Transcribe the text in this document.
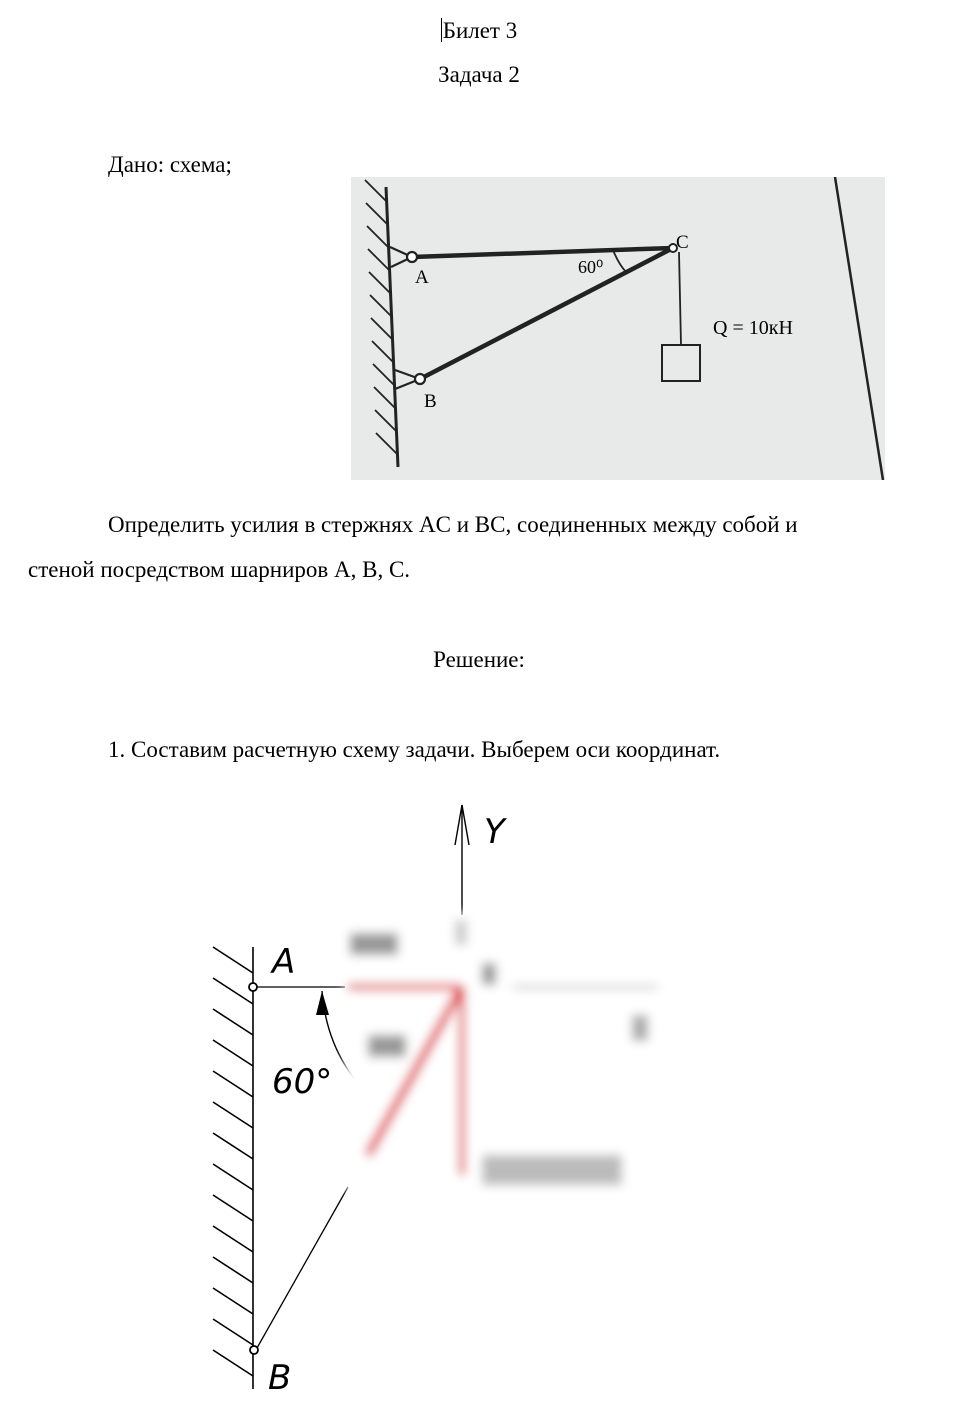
Билет 3
Задача 2
Дано: схема;
A
B
C
60⁰
Q = 10кН
Определить усилия в стержнях AC и BC, соединенных между собой и
стеной посредством шарниров A, B, C.
Решение:
1. Составим расчетную схему задачи. Выберем оси координат.
Y
A
B
60°
